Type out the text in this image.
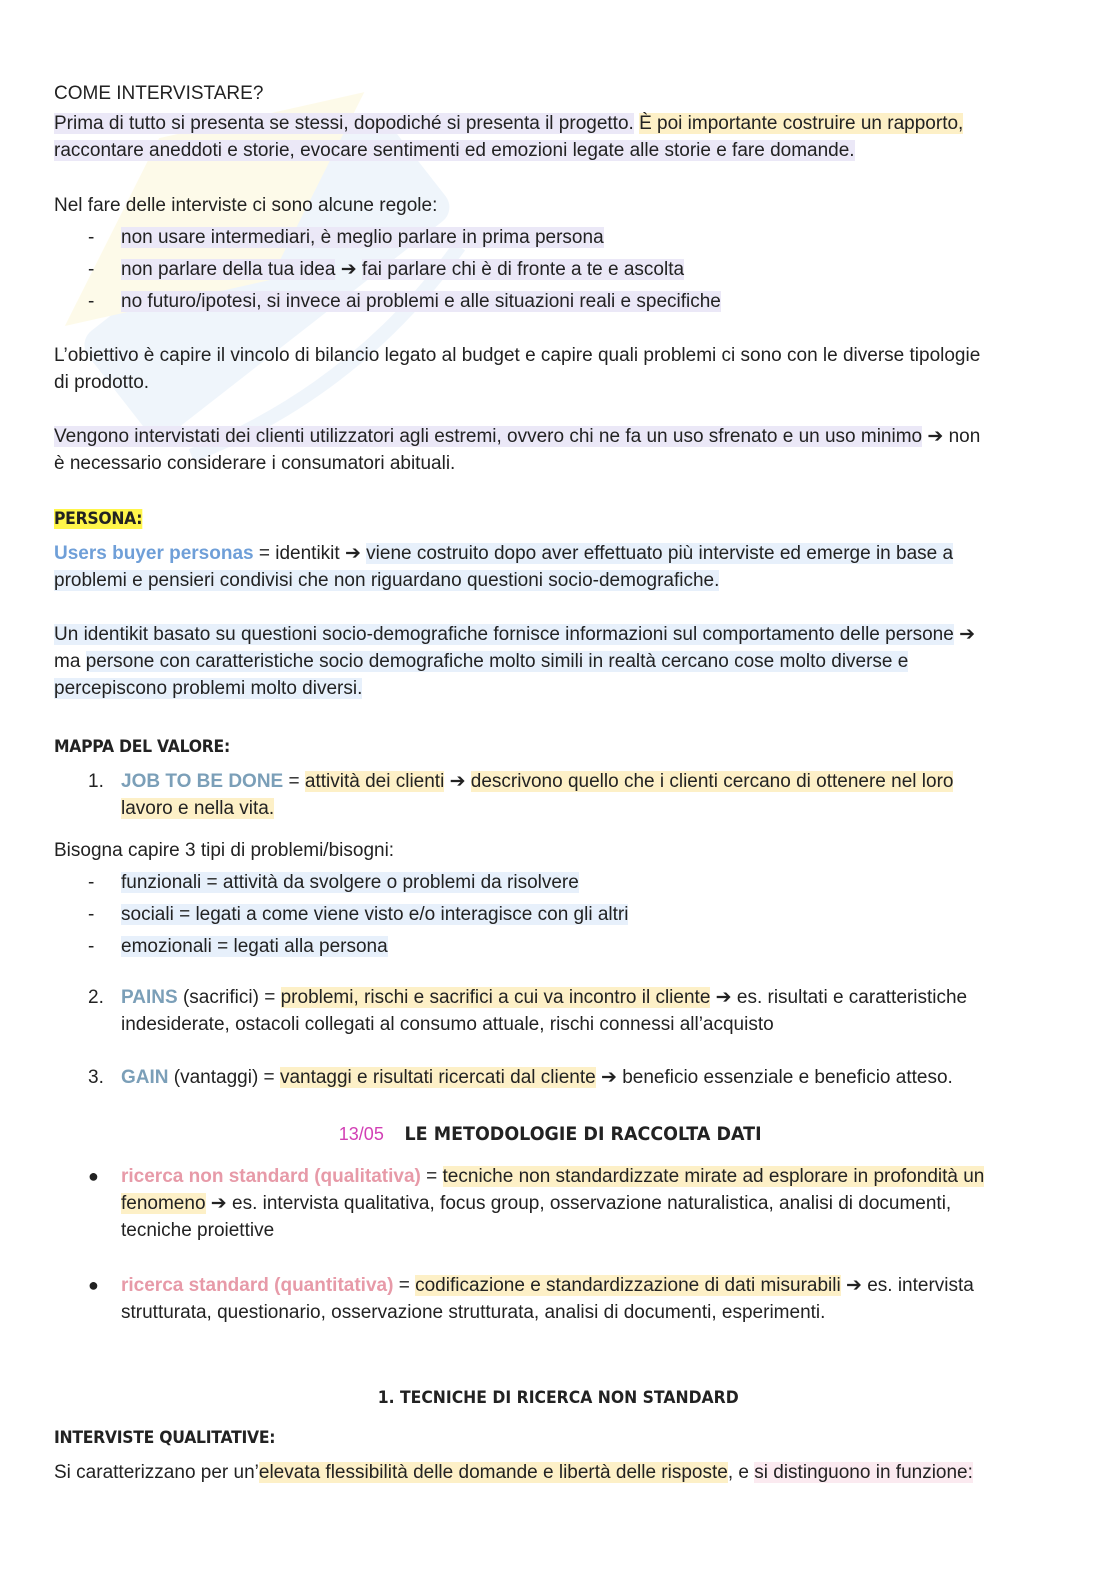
COME INTERVISTARE?
Prima di tutto si presenta se stessi, dopodiché si presenta il progetto. È poi importante costruire un rapporto,
raccontare aneddoti e storie, evocare sentimenti ed emozioni legate alle storie e fare domande.
Nel fare delle interviste ci sono alcune regole:
- non usare intermediari, è meglio parlare in prima persona
- non parlare della tua idea ➔ fai parlare chi è di fronte a te e ascolta
- no futuro/ipotesi, si invece ai problemi e alle situazioni reali e specifiche
L’obiettivo è capire il vincolo di bilancio legato al budget e capire quali problemi ci sono con le diverse tipologie
di prodotto.
Vengono intervistati dei clienti utilizzatori agli estremi, ovvero chi ne fa un uso sfrenato e un uso minimo ➔ non
è necessario considerare i consumatori abituali.
PERSONA:
Users buyer personas = identikit ➔ viene costruito dopo aver effettuato più interviste ed emerge in base a
problemi e pensieri condivisi che non riguardano questioni socio-demografiche.
Un identikit basato su questioni socio-demografiche fornisce informazioni sul comportamento delle persone ➔
ma persone con caratteristiche socio demografiche molto simili in realtà cercano cose molto diverse e
percepiscono problemi molto diversi.
MAPPA DEL VALORE:
1. JOB TO BE DONE = attività dei clienti ➔ descrivono quello che i clienti cercano di ottenere nel loro
lavoro e nella vita.
Bisogna capire 3 tipi di problemi/bisogni:
- funzionali = attività da svolgere o problemi da risolvere
- sociali = legati a come viene visto e/o interagisce con gli altri
- emozionali = legati alla persona
2. PAINS (sacrifici) = problemi, rischi e sacrifici a cui va incontro il cliente ➔ es. risultati e caratteristiche
indesiderate, ostacoli collegati al consumo attuale, rischi connessi all’acquisto
3. GAIN (vantaggi) = vantaggi e risultati ricercati dal cliente ➔ beneficio essenziale e beneficio atteso.
13/05 LE METODOLOGIE DI RACCOLTA DATI
● ricerca non standard (qualitativa) = tecniche non standardizzate mirate ad esplorare in profondità un
fenomeno ➔ es. intervista qualitativa, focus group, osservazione naturalistica, analisi di documenti,
tecniche proiettive
● ricerca standard (quantitativa) = codificazione e standardizzazione di dati misurabili ➔ es. intervista
strutturata, questionario, osservazione strutturata, analisi di documenti, esperimenti.
1. TECNICHE DI RICERCA NON STANDARD
INTERVISTE QUALITATIVE:
Si caratterizzano per un’elevata flessibilità delle domande e libertà delle risposte, e si distinguono in funzione:
